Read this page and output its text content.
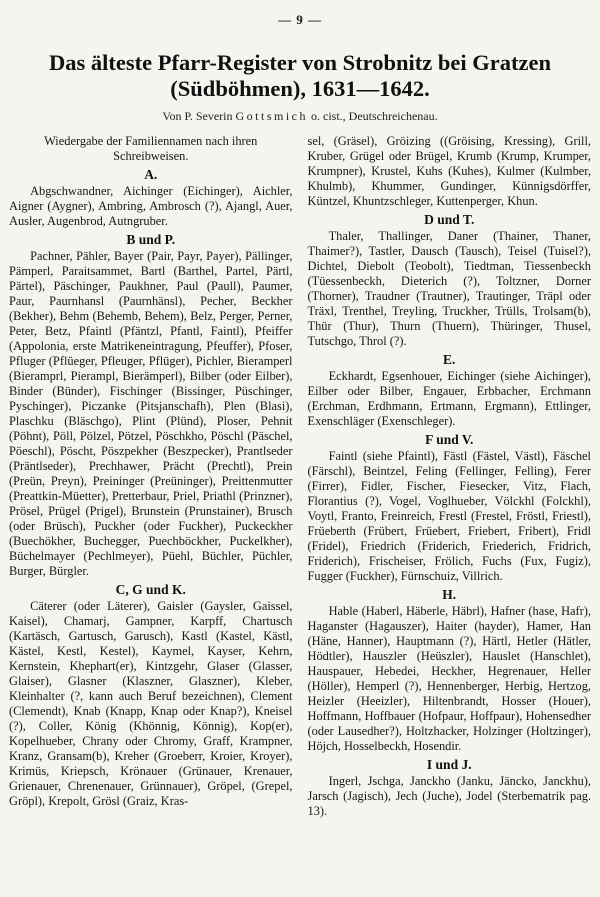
— 9 —
Das älteste Pfarr-Register von Strobnitz bei Gratzen
(Südböhmen), 1631—1642.
Von P. Severin Gottsmich o. cist., Deutschreichenau.

Wiedergabe der Familiennamen nach ihren Schreibweisen.

A.

Abgschwandner, Aichinger (Eichinger), Aichler, Aigner (Aygner), Ambring, Ambrosch (?), Ajangl, Auer, Ausler, Augenbrod, Autngruber.

B und P.

Pachner, Pähler, Bayer (Pair, Payr, Payer), Pällinger, Pämperl, Paraitsammet, Bartl (Barthel, Partel, Pärtl, Pärtel), Päschinger, Paukhner, Paul (Paull), Paumer, Paur, Paurnhansl (Paurnhänsl), Pecher, Beckher (Bekher), Behm (Behemb, Behem), Belz, Perger, Perner, Peter, Betz, Pfaintl (Pfäntzl, Pfantl, Faintl), Pfeiffer (Appolonia, erste Matrikeneintragung, Pfeuffer), Pfoser, Pfluger (Pflüeger, Pfleuger, Pflüger), Pichler, Bieramperl (Bieramprl, Pierampl, Bierämperl), Bilber (oder Eilber), Binder (Bünder), Fischinger (Bissinger, Püschinger, Pyschinger), Piczanke (Pitsjanschafh), Plen (Blasi), Plaschku (Bläschgo), Plint (Plünd), Ploser, Pehnit (Pöhnt), Pöll, Pölzel, Pötzel, Pöschkho, Pöschl (Päschel, Pöeschl), Pöscht, Pöszpekher (Beszpecker), Prantlseder (Präntlseder), Prechhawer, Prächt (Prechtl), Prein (Preün, Preyn), Preininger (Preüninger), Preittenmutter (Preattkin-Müetter), Pretterbaur, Priel, Priathl (Prinzner), Prösel, Prügel (Prigel), Brunstein (Prunstainer), Brusch (oder Brüsch), Puckher (oder Fuckher), Puckeckher (Buechökher, Buchegger, Puechböckher, Puckelkher), Büchelmayer (Pechlmeyer), Püehl, Büchler, Püchler, Burger, Bürgler.

C, G und K.

Cäterer (oder Läterer), Gaisler (Gaysler, Gaissel, Kaisel), Chamarj, Gampner, Karpff, Chartusch (Kartäsch, Gartusch, Garusch), Kastl (Kastel, Kästl, Kästel, Kestl, Kestel), Kaymel, Kayser, Kehrn, Kernstein, Khephart(er), Kintzgehr, Glaser (Glasser, Glaiser), Glasner (Klaszner, Glaszner), Kleber, Kleinhalter (?, kann auch Beruf bezeichnen), Clement (Clemendt), Knab (Knapp, Knap oder Knap?), Kneisel (?), Coller, König (Khönnig, Könnig), Kop(er), Kopelhueber, Chrany oder Chromy, Graff, Krampner, Kranz, Gransam(b), Kreher (Groeberr, Kroier, Kroyer), Krimüs, Kriepsch, Krönauer (Grünauer, Krenauer, Grienauer, Chrenenauer, Grünnauer), Gröpel, (Grepel, Gröpl), Krepolt, Grösl (Graiz, Kras-

sel, (Gräsel), Gröizing ((Gröising, Kressing), Grill, Kruber, Grügel oder Brügel, Krumb (Krump, Krumper, Krumpner), Krustel, Kuhs (Kuhes), Kulmer (Kulmber, Khulmb), Khummer, Gundinger, Künnigsdörffer, Küntzel, Khuntzschleger, Kuttenperger, Khun.

D und T.

Thaler, Thallinger, Daner (Thainer, Thaner, Thaimer?), Tastler, Dausch (Tausch), Teisel (Tuisel?), Dichtel, Diebolt (Teobolt), Tiedtman, Tiessenbeckh (Tüessenbeckh, Dieterich (?), Toltzner, Dorner (Thorner), Traudner (Trautner), Trautinger, Träpl oder Träxl, Trenthel, Treyling, Truckher, Trülls, Trolsam(b), Thür (Thur), Thurn (Thuern), Thüringer, Thusel, Tutschgo, Throl (?).

E.

Eckhardt, Egsenhouer, Eichinger (siehe Aichinger), Eilber oder Bilber, Engauer, Erbbacher, Erchmann (Erchman, Erdhmann, Ertmann, Ergmann), Ettlinger, Exenschläger (Exenschleger).

F und V.

Faintl (siehe Pfaintl), Fästl (Fästel, Västl), Fäschel (Färschl), Beintzel, Feling (Fellinger, Felling), Ferer (Firrer), Fidler, Fischer, Fiesecker, Vitz, Flach, Florantius (?), Vogel, Voglhueber, Völckhl (Folckhl), Voytl, Franto, Freinreich, Frestl (Frestel, Fröstl, Friestl), Früeberth (Frübert, Früebert, Friebert, Fribert), Fridl (Fridel), Friedrich (Friderich, Friederich, Fridrich, Friderich), Frischeiser, Frölich, Fuchs (Fux, Fugiz), Fugger (Fuckher), Fürnschuiz, Villrich.

H.

Hable (Haberl, Häberle, Häbrl), Hafner (hase, Hafr), Haganster (Hagauszer), Haiter (hayder), Hamer, Han (Häne, Hanner), Hauptmann (?), Härtl, Hetler (Hätler, Hödtler), Hauszler (Heüszler), Hauslet (Hanschlet), Hauspauer, Hebedei, Heckher, Hegrenauer, Heller (Höller), Hemperl (?), Hennenberger, Herbig, Hertzog, Heizler (Heeizler), Hiltenbrandt, Hosser (Houer), Hoffmann, Hoffbauer (Hofpaur, Hoffpaur), Hohensedher (oder Lausedher?), Holtzhacker, Holzinger (Holtzinger), Höjch, Hosselbeckh, Hosendir.

I und J.

Ingerl, Jschga, Janckho (Janku, Jäncko, Janckhu), Jarsch (Jagisch), Jech (Juche), Jodel (Sterbematrik pag. 13).
